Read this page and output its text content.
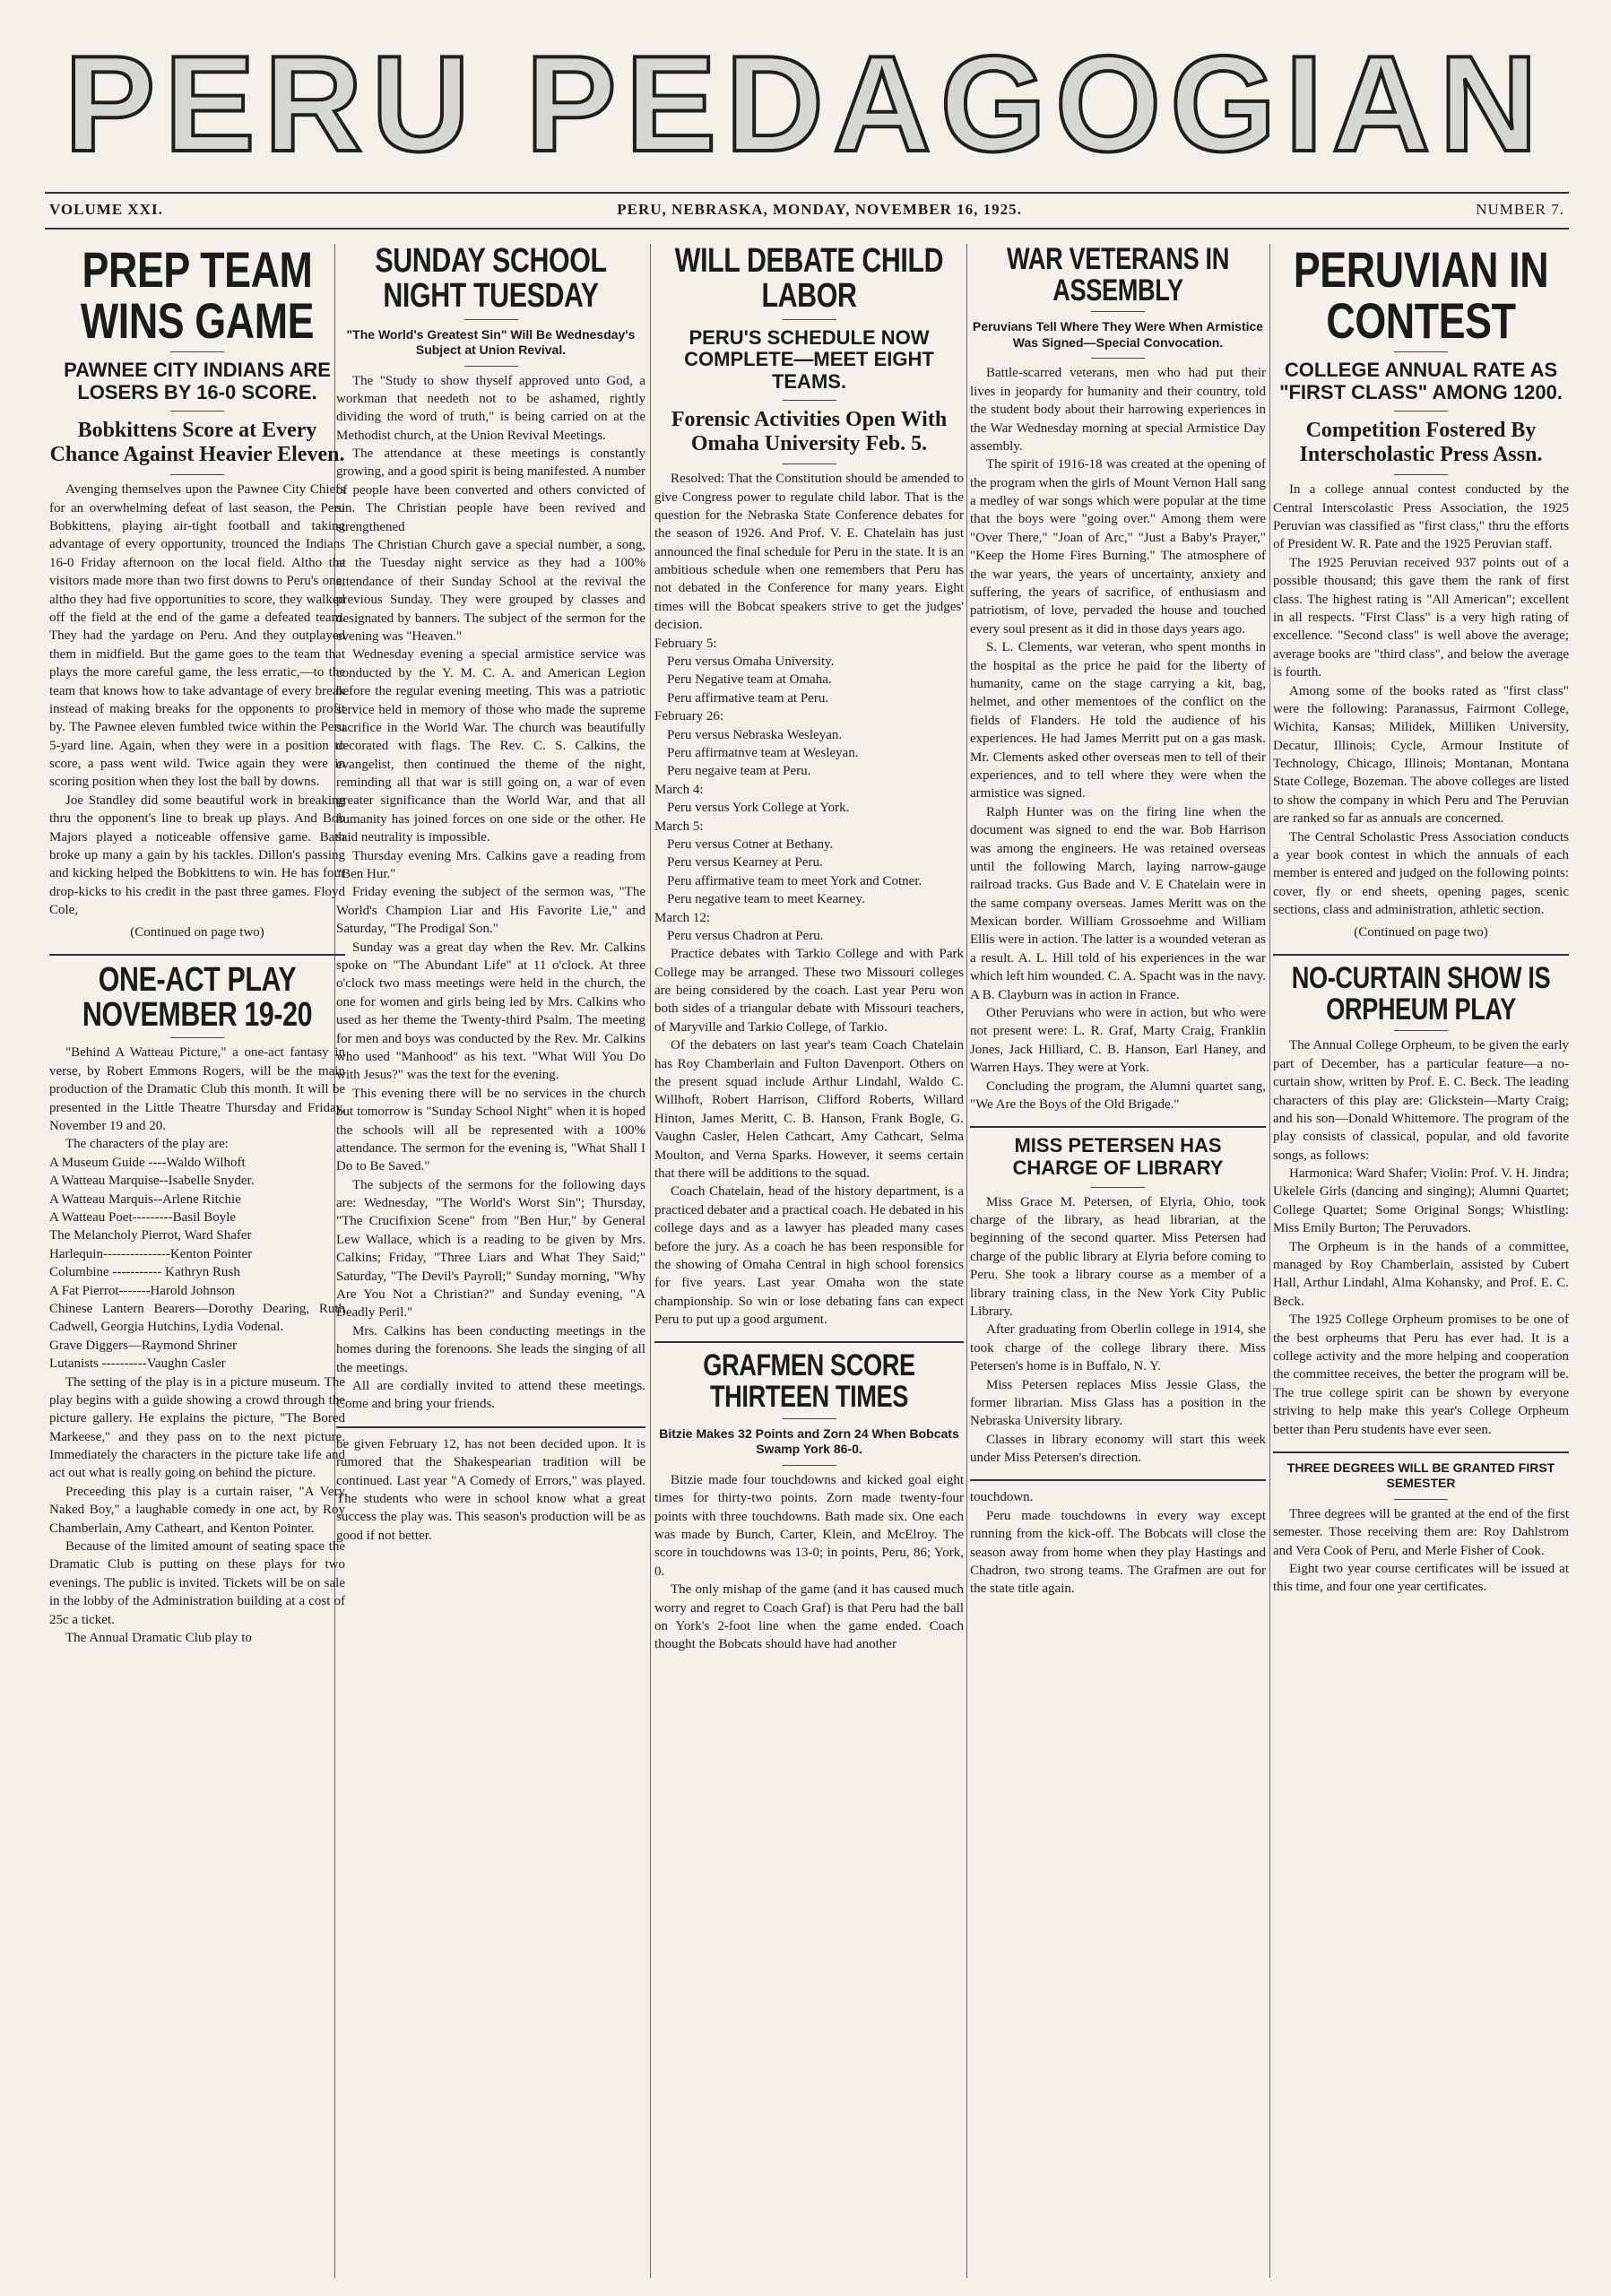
PERU PEDAGOGIAN
VOLUME XXI.	PERU, NEBRASKA, MONDAY, NOVEMBER 16, 1925.	NUMBER 7.
PREP TEAM WINS GAME
PAWNEE CITY INDIANS ARE LOSERS BY 16-0 SCORE.
Bobkittens Score at Every Chance Against Heavier Eleven.

Avenging themselves upon the Pawnee City Chiefs for an overwhelming defeat of last season, the Peru Bobkittens, playing air-tight football and taking advantage of every opportunity, trounced the Indians 16-0 Friday afternoon on the local field. Altho the visitors made more than two first downs to Peru's one, altho they had five opportunities to score, they walked off the field at the end of the game a defeated team. They had the yardage on Peru. And they outplayed them in midfield. But the game goes to the team that plays the more careful game, the less erratic,—to the team that knows how to take advantage of every break instead of making breaks for the opponents to profit by. The Pawnee eleven fumbled twice within the Peru 5-yard line. Again, when they were in a position to score, a pass went wild. Twice again they were in scoring position when they lost the ball by downs.

Joe Standley did some beautiful work in breaking thru the opponent's line to break up plays. And Bob Majors played a noticeable offensive game. Bath broke up many a gain by his tackles. Dillon's passing and kicking helped the Bobkittens to win. He has four drop-kicks to his credit in the past three games. Floyd Cole,

(Continued on page two)
ONE-ACT PLAY NOVEMBER 19-20

"Behind A Watteau Picture," a one-act fantasy in verse, by Robert Emmons Rogers, will be the main production of the Dramatic Club this month. It will be presented in the Little Theatre Thursday and Friday, November 19 and 20.

The characters of the play are:

A Museum Guide ----Waldo Wilhoft

A Watteau Marquise--Isabelle Snyder.

A Watteau Marquis--Arlene Ritchie

A Watteau Poet---------Basil Boyle

The Melancholy Pierrot, Ward Shafer

Harlequin---------------Kenton Pointer

Columbine ----------- Kathryn Rush

A Fat Pierrot-------Harold Johnson

Chinese Lantern Bearers—Dorothy Dearing, Ruth Cadwell, Georgia Hutchins, Lydia Vodenal.

Grave Diggers—Raymond Shriner

Lutanists ----------Vaughn Casler

The setting of the play is in a picture museum. The play begins with a guide showing a crowd through the picture gallery. He explains the picture, "The Bored Markeese," and they pass on to the next picture. Immediately the characters in the picture take life and act out what is really going on behind the picture.

Preceeding this play is a curtain raiser, "A Very Naked Boy," a laughable comedy in one act, by Roy Chamberlain, Amy Catheart, and Kenton Pointer.

Because of the limited amount of seating space the Dramatic Club is putting on these plays for two evenings. The public is invited. Tickets will be on sale in the lobby of the Administration building at a cost of 25c a ticket.

The Annual Dramatic Club play to

SUNDAY SCHOOL NIGHT TUESDAY
"The World's Greatest Sin" Will Be Wednesday's Subject at Union Revival.

The "Study to show thyself approved unto God, a workman that needeth not to be ashamed, rightly dividing the word of truth," is being carried on at the Methodist church, at the Union Revival Meetings.

The attendance at these meetings is constantly growing, and a good spirit is being manifested. A number of people have been converted and others convicted of sin. The Christian people have been revived and strengthened

The Christian Church gave a special number, a song, at the Tuesday night service as they had a 100% attendance of their Sunday School at the revival the previous Sunday. They were grouped by classes and designated by banners. The subject of the sermon for the evening was "Heaven."

Wednesday evening a special armistice service was conducted by the Y. M. C. A. and American Legion before the regular evening meeting. This was a patriotic service held in memory of those who made the supreme sacrifice in the World War. The church was beautifully decorated with flags. The Rev. C. S. Calkins, the evangelist, then continued the theme of the night, reminding all that war is still going on, a war of even greater significance than the World War, and that all humanity has joined forces on one side or the other. He said neutrality is impossible.

Thursday evening Mrs. Calkins gave a reading from "Ben Hur."

Friday evening the subject of the sermon was, "The World's Champion Liar and His Favorite Lie," and Saturday, "The Prodigal Son."

Sunday was a great day when the Rev. Mr. Calkins spoke on "The Abundant Life" at 11 o'clock. At three o'clock two mass meetings were held in the church, the one for women and girls being led by Mrs. Calkins who used as her theme the Twenty-third Psalm. The meeting for men and boys was conducted by the Rev. Mr. Calkins who used "Manhood" as his text. "What Will You Do with Jesus?" was the text for the evening.

This evening there will be no services in the church but tomorrow is "Sunday School Night" when it is hoped the schools will all be represented with a 100% attendance. The sermon for the evening is, "What Shall I Do to Be Saved."

The subjects of the sermons for the following days are: Wednesday, "The World's Worst Sin"; Thursday, "The Crucifixion Scene" from "Ben Hur," by General Lew Wallace, which is a reading to be given by Mrs. Calkins; Friday, "Three Liars and What They Said;" Saturday, "The Devil's Payroll;" Sunday morning, "Why Are You Not a Christian?" and Sunday evening, "A Deadly Peril."

Mrs. Calkins has been conducting meetings in the homes during the forenoons. She leads the singing of all the meetings.

All are cordially invited to attend these meetings. Come and bring your friends.

be given February 12, has not been decided upon. It is rumored that the Shakespearian tradition will be continued. Last year "A Comedy of Errors," was played. The students who were in school know what a great success the play was. This season's production will be as good if not better.

WILL DEBATE CHILD LABOR
PERU'S SCHEDULE NOW COMPLETE—MEET EIGHT TEAMS.
Forensic Activities Open With Omaha University Feb. 5.

Resolved: That the Constitution should be amended to give Congress power to regulate child labor. That is the question for the Nebraska State Conference debates for the season of 1926. And Prof. V. E. Chatelain has just announced the final schedule for Peru in the state. It is an ambitious schedule when one remembers that Peru has not debated in the Conference for many years. Eight times will the Bobcat speakers strive to get the judges' decision.

February 5:

Peru versus Omaha University.

Peru Negative team at Omaha.

Peru affirmative team at Peru.

February 26:

Peru versus Nebraska Wesleyan.

Peru affirmatnve team at Wesleyan.

Peru negaive team at Peru.

March 4:

Peru versus York College at York.

March 5:

Peru versus Cotner at Bethany.

Peru versus Kearney at Peru.

Peru affirmative team to meet York and Cotner.

Peru negative team to meet Kearney.

March 12:

Peru versus Chadron at Peru.

Practice debates with Tarkio College and with Park College may be arranged. These two Missouri colleges are being considered by the coach. Last year Peru won both sides of a triangular debate with Missouri teachers, of Maryville and Tarkio College, of Tarkio.

Of the debaters on last year's team Coach Chatelain has Roy Chamberlain and Fulton Davenport. Others on the present squad include Arthur Lindahl, Waldo C. Willhoft, Robert Harrison, Clifford Roberts, Willard Hinton, James Meritt, C. B. Hanson, Frank Bogle, G. Vaughn Casler, Helen Cathcart, Amy Cathcart, Selma Moulton, and Verna Sparks. However, it seems certain that there will be additions to the squad.

Coach Chatelain, head of the history department, is a practiced debater and a practical coach. He debated in his college days and as a lawyer has pleaded many cases before the jury. As a coach he has been responsible for the showing of Omaha Central in high school forensics for five years. Last year Omaha won the state championship. So win or lose debating fans can expect Peru to put up a good argument.

GRAFMEN SCORE THIRTEEN TIMES
Bitzie Makes 32 Points and Zorn 24 When Bobcats Swamp York 86-0.

Bitzie made four touchdowns and kicked goal eight times for thirty-two points. Zorn made twenty-four points with three touchdowns. Bath made six. One each was made by Bunch, Carter, Klein, and McElroy. The score in touchdowns was 13-0; in points, Peru, 86; York, 0.

The only mishap of the game (and it has caused much worry and regret to Coach Graf) is that Peru had the ball on York's 2-foot line when the game ended. Coach thought the Bobcats should have had another

WAR VETERANS IN ASSEMBLY
Peruvians Tell Where They Were When Armistice Was Signed—Special Convocation.

Battle-scarred veterans, men who had put their lives in jeopardy for humanity and their country, told the student body about their harrowing experiences in the War Wednesday morning at special Armistice Day assembly.

The spirit of 1916-18 was created at the opening of the program when the girls of Mount Vernon Hall sang a medley of war songs which were popular at the time that the boys were "going over." Among them were "Over There," "Joan of Arc," "Just a Baby's Prayer," "Keep the Home Fires Burning." The atmosphere of the war years, the years of uncertainty, anxiety and suffering, the years of sacrifice, of enthusiasm and patriotism, of love, pervaded the house and touched every soul present as it did in those days years ago.

S. L. Clements, war veteran, who spent months in the hospital as the price he paid for the liberty of humanity, came on the stage carrying a kit, bag, helmet, and other mementoes of the conflict on the fields of Flanders. He told the audience of his experiences. He had James Merritt put on a gas mask. Mr. Clements asked other overseas men to tell of their experiences, and to tell where they were when the armistice was signed.

Ralph Hunter was on the firing line when the document was signed to end the war. Bob Harrison was among the engineers. He was retained overseas until the following March, laying narrow-gauge railroad tracks. Gus Bade and V. E Chatelain were in the same company overseas. James Meritt was on the Mexican border. William Grossoehme and William Ellis were in action. The latter is a wounded veteran as a result. A. L. Hill told of his experiences in the war which left him wounded. C. A. Spacht was in the navy. A B. Clayburn was in action in France.

Other Peruvians who were in action, but who were not present were: L. R. Graf, Marty Craig, Franklin Jones, Jack Hilliard, C. B. Hanson, Earl Haney, and Warren Hays. They were at York.

Concluding the program, the Alumni quartet sang, "We Are the Boys of the Old Brigade."

MISS PETERSEN HAS CHARGE OF LIBRARY

Miss Grace M. Petersen, of Elyria, Ohio, took charge of the library, as head librarian, at the beginning of the second quarter. Miss Petersen had charge of the public library at Elyria before coming to Peru. She took a library course as a member of a library training class, in the New York City Public Library.

After graduating from Oberlin college in 1914, she took charge of the college library there. Miss Petersen's home is in Buffalo, N. Y.

Miss Petersen replaces Miss Jessie Glass, the former librarian. Miss Glass has a position in the Nebraska University library.

Classes in library economy will start this week under Miss Petersen's direction.

touchdown.

Peru made touchdowns in every way except running from the kick-off. The Bobcats will close the season away from home when they play Hastings and Chadron, two strong teams. The Grafmen are out for the state title again.

PERUVIAN IN CONTEST
COLLEGE ANNUAL RATE AS "FIRST CLASS" AMONG 1200.
Competition Fostered By Interscholastic Press Assn.

In a college annual contest conducted by the Central Interscolastic Press Association, the 1925 Peruvian was classified as "first class," thru the efforts of President W. R. Pate and the 1925 Peruvian staff.

The 1925 Peruvian received 937 points out of a possible thousand; this gave them the rank of first class. The highest rating is "All American"; excellent in all respects. "First Class" is a very high rating of excellence. "Second class" is well above the average; average books are "third class", and below the average is fourth.

Among some of the books rated as "first class" were the following: Paranassus, Fairmont College, Wichita, Kansas; Milidek, Milliken University, Decatur, Illinois; Cycle, Armour Institute of Technology, Chicago, Illinois; Montanan, Montana State College, Bozeman. The above colleges are listed to show the company in which Peru and The Peruvian are ranked so far as annuals are concerned.

The Central Scholastic Press Association conducts a year book contest in which the annuals of each member is entered and judged on the following points: cover, fly or end sheets, opening pages, scenic sections, class and administration, athletic section.

(Continued on page two)
NO-CURTAIN SHOW IS ORPHEUM PLAY

The Annual College Orpheum, to be given the early part of December, has a particular feature—a no-curtain show, written by Prof. E. C. Beck. The leading characters of this play are: Glickstein—Marty Craig; and his son—Donald Whittemore. The program of the play consists of classical, popular, and old favorite songs, as follows:

Harmonica: Ward Shafer; Violin: Prof. V. H. Jindra; Ukelele Girls (dancing and singing); Alumni Quartet; College Quartet; Some Original Songs; Whistling: Miss Emily Burton; The Peruvadors.

The Orpheum is in the hands of a committee, managed by Roy Chamberlain, assisted by Cubert Hall, Arthur Lindahl, Alma Kohansky, and Prof. E. C. Beck.

The 1925 College Orpheum promises to be one of the best orpheums that Peru has ever had. It is a college activity and the more helping and cooperation the committee receives, the better the program will be. The true college spirit can be shown by everyone striving to help make this year's College Orpheum better than Peru students have ever seen.

THREE DEGREES WILL BE GRANTED FIRST SEMESTER

Three degrees will be granted at the end of the first semester. Those receiving them are: Roy Dahlstrom and Vera Cook of Peru, and Merle Fisher of Cook.

Eight two year course certificates will be issued at this time, and four one year certificates.
